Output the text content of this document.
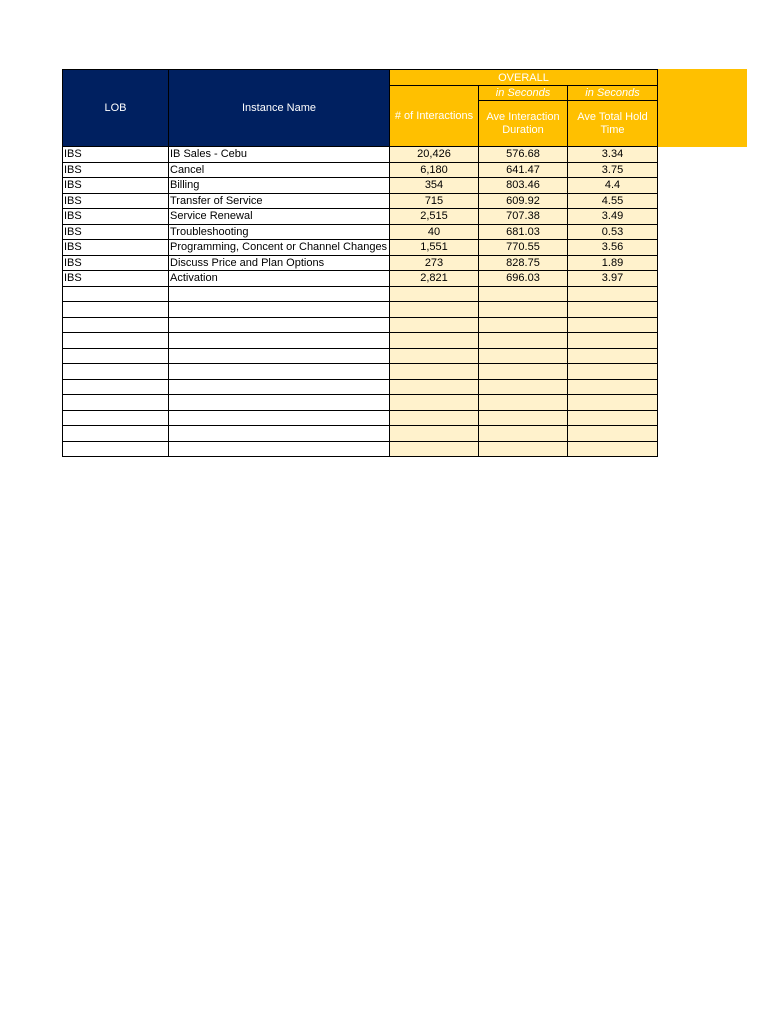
LOB	Instance Name	OVERALL		
		# of Interactions	in Seconds	in Seconds
			Ave Interaction Duration	Ave Total Hold Time
IBS	IB Sales - Cebu	20,426	576.68	3.34
IBS	Cancel	6,180	641.47	3.75
IBS	Billing	354	803.46	4.4
IBS	Transfer of Service	715	609.92	4.55
IBS	Service Renewal	2,515	707.38	3.49
IBS	Troubleshooting	40	681.03	0.53
IBS	Programming, Concent or Channel Changes	1,551	770.55	3.56
IBS	Discuss Price and Plan Options	273	828.75	1.89
IBS	Activation	2,821	696.03	3.97
